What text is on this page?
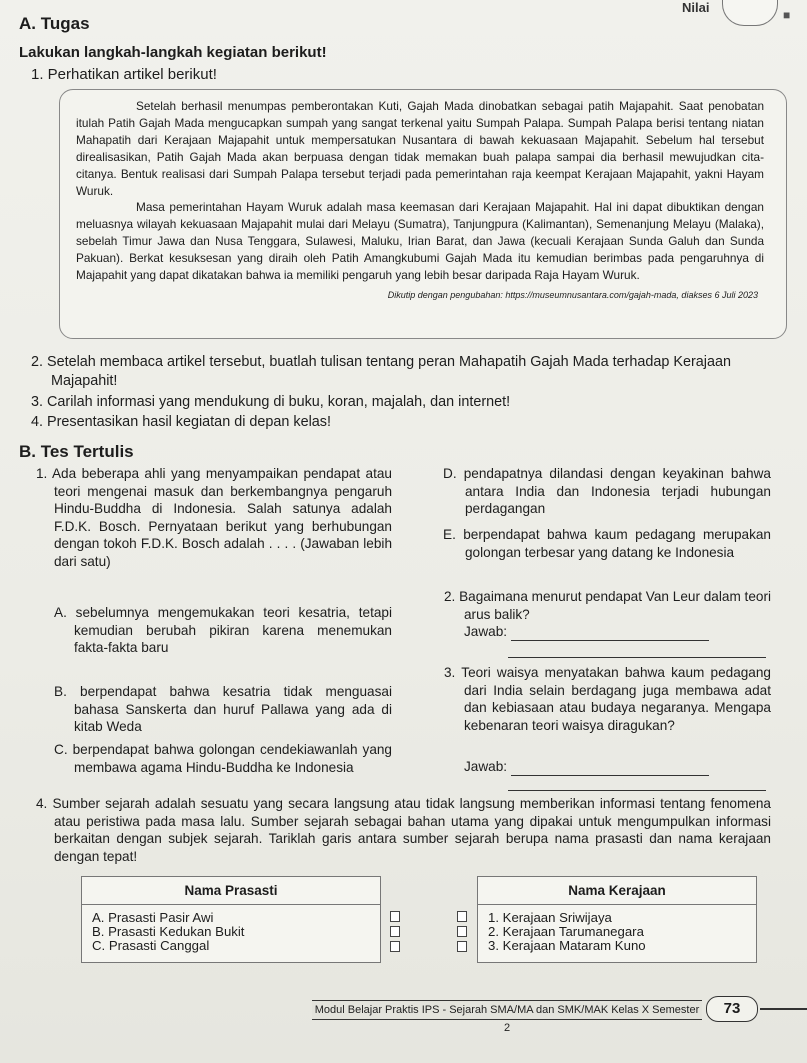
Nilai	■
A. Tugas
Lakukan langkah-langkah kegiatan berikut!
1. Perhatikan artikel berikut!

Setelah berhasil menumpas pemberontakan Kuti, Gajah Mada dinobatkan sebagai patih Majapahit. Saat penobatan itulah Patih Gajah Mada mengucapkan sumpah yang sangat terkenal yaitu Sumpah Palapa. Sumpah Palapa berisi tentang niatan Mahapatih dari Kerajaan Majapahit untuk mempersatukan Nusantara di bawah kekuasaan Majapahit. Sebelum hal tersebut direalisasikan, Patih Gajah Mada akan berpuasa dengan tidak memakan buah palapa sampai dia berhasil mewujudkan cita-citanya. Bentuk realisasi dari Sumpah Palapa tersebut terjadi pada pemerintahan raja keempat Kerajaan Majapahit, yakni Hayam Wuruk.

Masa pemerintahan Hayam Wuruk adalah masa keemasan dari Kerajaan Majapahit. Hal ini dapat dibuktikan dengan meluasnya wilayah kekuasaan Majapahit mulai dari Melayu (Sumatra), Tanjungpura (Kalimantan), Semenanjung Melayu (Malaka), sebelah Timur Jawa dan Nusa Tenggara, Sulawesi, Maluku, Irian Barat, dan Jawa (kecuali Kerajaan Sunda Galuh dan Sunda Pakuan). Berkat kesuksesan yang diraih oleh Patih Amangkubumi Gajah Mada itu kemudian berimbas pada pengaruhnya di Majapahit yang dapat dikatakan bahwa ia memiliki pengaruh yang lebih besar daripada Raja Hayam Wuruk.

Dikutip dengan pengubahan: https://museumnusantara.com/gajah-mada, diakses 6 Juli 2023

2. Setelah membaca artikel tersebut, buatlah tulisan tentang peran Mahapatih Gajah Mada terhadap Kerajaan Majapahit!
3. Carilah informasi yang mendukung di buku, koran, majalah, dan internet!
4. Presentasikan hasil kegiatan di depan kelas!
B. Tes Tertulis
1. Ada beberapa ahli yang menyampaikan pendapat atau teori mengenai masuk dan berkembangnya pengaruh Hindu-Buddha di Indonesia. Salah satunya adalah F.D.K. Bosch. Pernyataan berikut yang berhubungan dengan tokoh F.D.K. Bosch adalah . . . . (Jawaban lebih dari satu)
A. sebelumnya mengemukakan teori kesatria, tetapi kemudian berubah pikiran karena menemukan fakta-fakta baru
B. berpendapat bahwa kesatria tidak menguasai bahasa Sanskerta dan huruf Pallawa yang ada di kitab Weda
C. berpendapat bahwa golongan cendekiawanlah yang membawa agama Hindu-Buddha ke Indonesia
D. pendapatnya dilandasi dengan keyakinan bahwa antara India dan Indonesia terjadi hubungan perdagangan
E. berpendapat bahwa kaum pedagang merupakan golongan terbesar yang datang ke Indonesia
2. Bagaimana menurut pendapat Van Leur dalam teori arus balik?
Jawab:
3. Teori waisya menyatakan bahwa kaum pedagang dari India selain berdagang juga membawa adat dan kebiasaan atau budaya negaranya. Mengapa kebenaran teori waisya diragukan?
Jawab:
4. Sumber sejarah adalah sesuatu yang secara langsung atau tidak langsung memberikan informasi tentang fenomena atau peristiwa pada masa lalu. Sumber sejarah sebagai bahan utama yang dipakai untuk mengumpulkan informasi berkaitan dengan subjek sejarah. Tariklah garis antara sumber sejarah berupa nama prasasti dan nama kerajaan dengan tepat!
Nama Prasasti
A. Prasasti Pasir Awi
B. Prasasti Kedukan Bukit
C. Prasasti Canggal
Nama Kerajaan
1. Kerajaan Sriwijaya
2. Kerajaan Tarumanegara
3. Kerajaan Mataram Kuno
Modul Belajar Praktis IPS - Sejarah SMA/MA dan SMK/MAK Kelas X Semester 2
73
